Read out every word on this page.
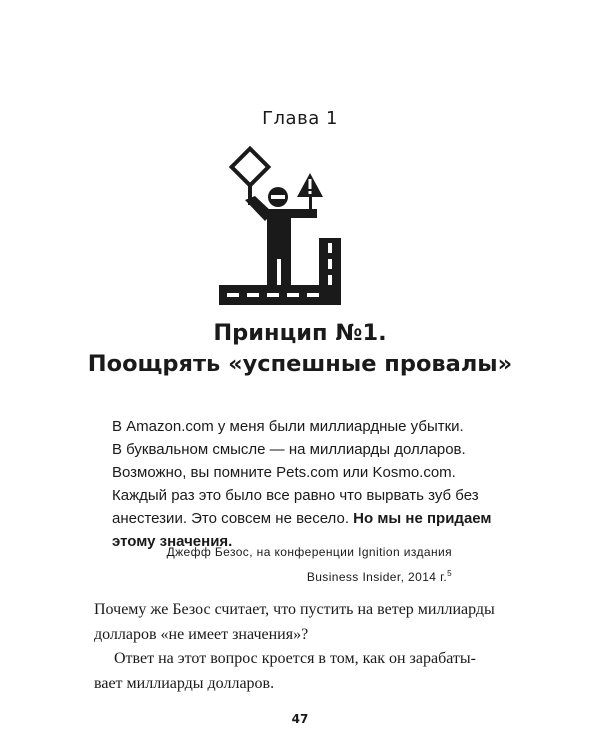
Глава 1
Принцип №1.
Поощрять «успешные провалы»
В Amazon.com у меня были миллиардные убытки.
В буквальном смысле — на миллиарды долларов.
Возможно, вы помните Pets.com или Kosmo.com.
Каждый раз это было все равно что вырвать зуб без
анестезии. Это совсем не весело. Но мы не придаем
этому значения.
Джефф Безос, на конференции Ignition издания
Business Insider, 2014 г.$^5$
Почему же Безос считает, что пустить на ветер миллиарды
долларов «не имеет значения»?
Ответ на этот вопрос кроется в том, как он зарабаты-
вает миллиарды долларов.
47
